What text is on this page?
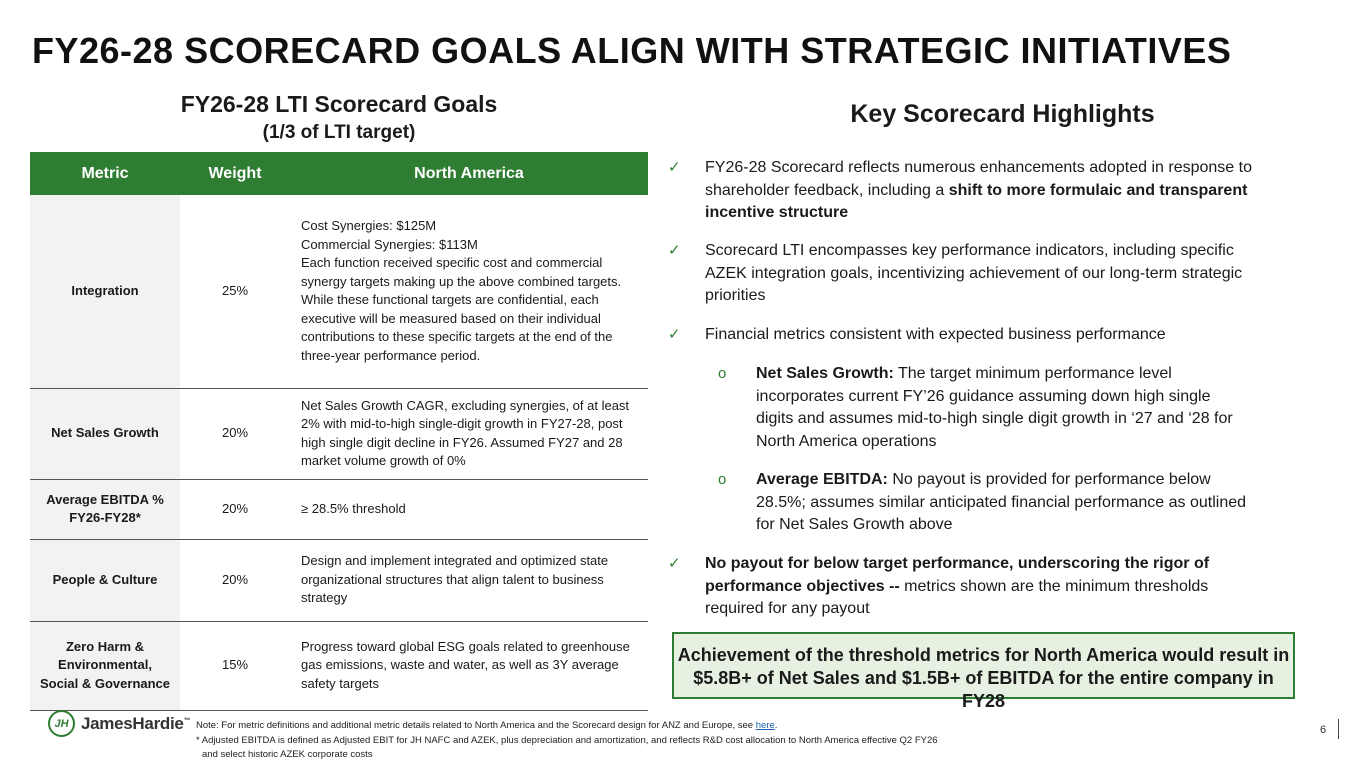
FY26-28 SCORECARD GOALS ALIGN WITH STRATEGIC INITIATIVES
FY26-28 LTI Scorecard Goals
(1/3 of LTI target)
Metric	Weight	North America
Integration	25%	Cost Synergies: $125M
Commercial Synergies: $113M
Each function received specific cost and commercial synergy targets making up the above combined targets. While these functional targets are confidential, each executive will be measured based on their individual contributions to these specific targets at the end of the three-year performance period.

Net Sales Growth	20%	Net Sales Growth CAGR, excluding synergies, of at least 2% with mid-to-high single-digit growth in FY27-28, post high single digit decline in FY26. Assumed FY27 and 28 market volume growth of 0%

Average EBITDA % FY26-FY28*	20%	≥ 28.5% threshold

People & Culture	20%	Design and implement integrated and optimized state organizational structures that align talent to business strategy

Zero Harm & Environmental, Social & Governance	15%	Progress toward global ESG goals related to greenhouse gas emissions, waste and water, as well as 3Y average safety targets
Key Scorecard Highlights
✓ FY26-28 Scorecard reflects numerous enhancements adopted in response to shareholder feedback, including a shift to more formulaic and transparent incentive structure
✓ Scorecard LTI encompasses key performance indicators, including specific AZEK integration goals, incentivizing achievement of our long-term strategic priorities
✓ Financial metrics consistent with expected business performance
o Net Sales Growth: The target minimum performance level incorporates current FY’26 guidance assuming down high single digits and assumes mid-to-high single digit growth in ‘27 and ‘28 for North America operations
o Average EBITDA: No payout is provided for performance below 28.5%; assumes similar anticipated financial performance as outlined for Net Sales Growth above
✓ No payout for below target performance, underscoring the rigor of performance objectives -- metrics shown are the minimum thresholds required for any payout
Achievement of the threshold metrics for North America would result in
$5.8B+ of Net Sales and $1.5B+ of EBITDA for the entire company in FY28
JH JamesHardie™ Note: For metric definitions and additional metric details related to North America and the Scorecard design for ANZ and Europe, see here.
* Adjusted EBITDA is defined as Adjusted EBIT for JH NAFC and AZEK, plus depreciation and amortization, and reflects R&D cost allocation to North America effective Q2 FY26
and select historic AZEK corporate costs
6
